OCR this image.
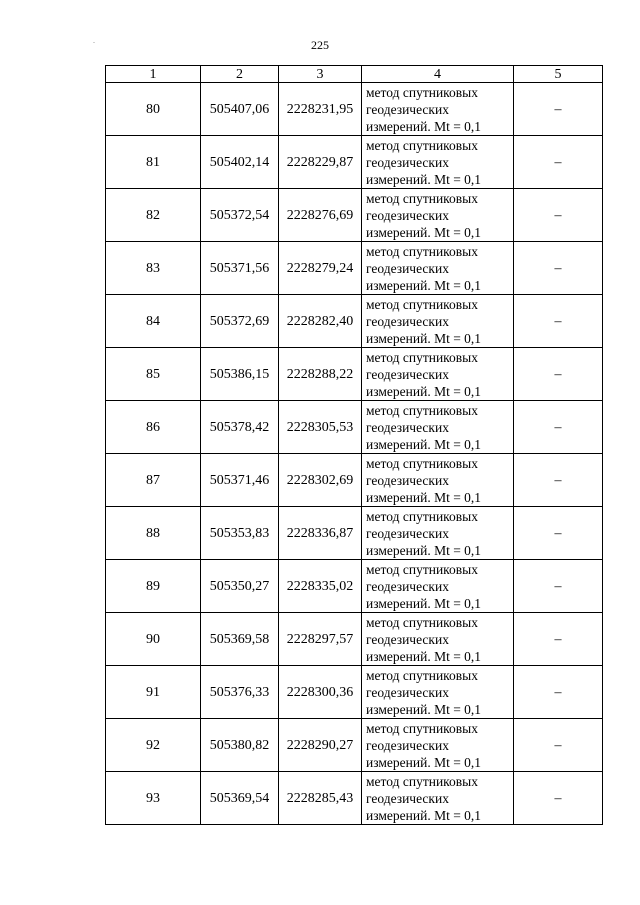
.	225
1	2	3	4	5
80	505407,06	2228231,95	метод спутниковых
геодезических
измерений. Mt = 0,1	–
81	505402,14	2228229,87	метод спутниковых
геодезических
измерений. Mt = 0,1	–
82	505372,54	2228276,69	метод спутниковых
геодезических
измерений. Mt = 0,1	–
83	505371,56	2228279,24	метод спутниковых
геодезических
измерений. Mt = 0,1	–
84	505372,69	2228282,40	метод спутниковых
геодезических
измерений. Mt = 0,1	–
85	505386,15	2228288,22	метод спутниковых
геодезических
измерений. Mt = 0,1	–
86	505378,42	2228305,53	метод спутниковых
геодезических
измерений. Mt = 0,1	–
87	505371,46	2228302,69	метод спутниковых
геодезических
измерений. Mt = 0,1	–
88	505353,83	2228336,87	метод спутниковых
геодезических
измерений. Mt = 0,1	–
89	505350,27	2228335,02	метод спутниковых
геодезических
измерений. Mt = 0,1	–
90	505369,58	2228297,57	метод спутниковых
геодезических
измерений. Mt = 0,1	–
91	505376,33	2228300,36	метод спутниковых
геодезических
измерений. Mt = 0,1	–
92	505380,82	2228290,27	метод спутниковых
геодезических
измерений. Mt = 0,1	–
93	505369,54	2228285,43	метод спутниковых
геодезических
измерений. Mt = 0,1	–
